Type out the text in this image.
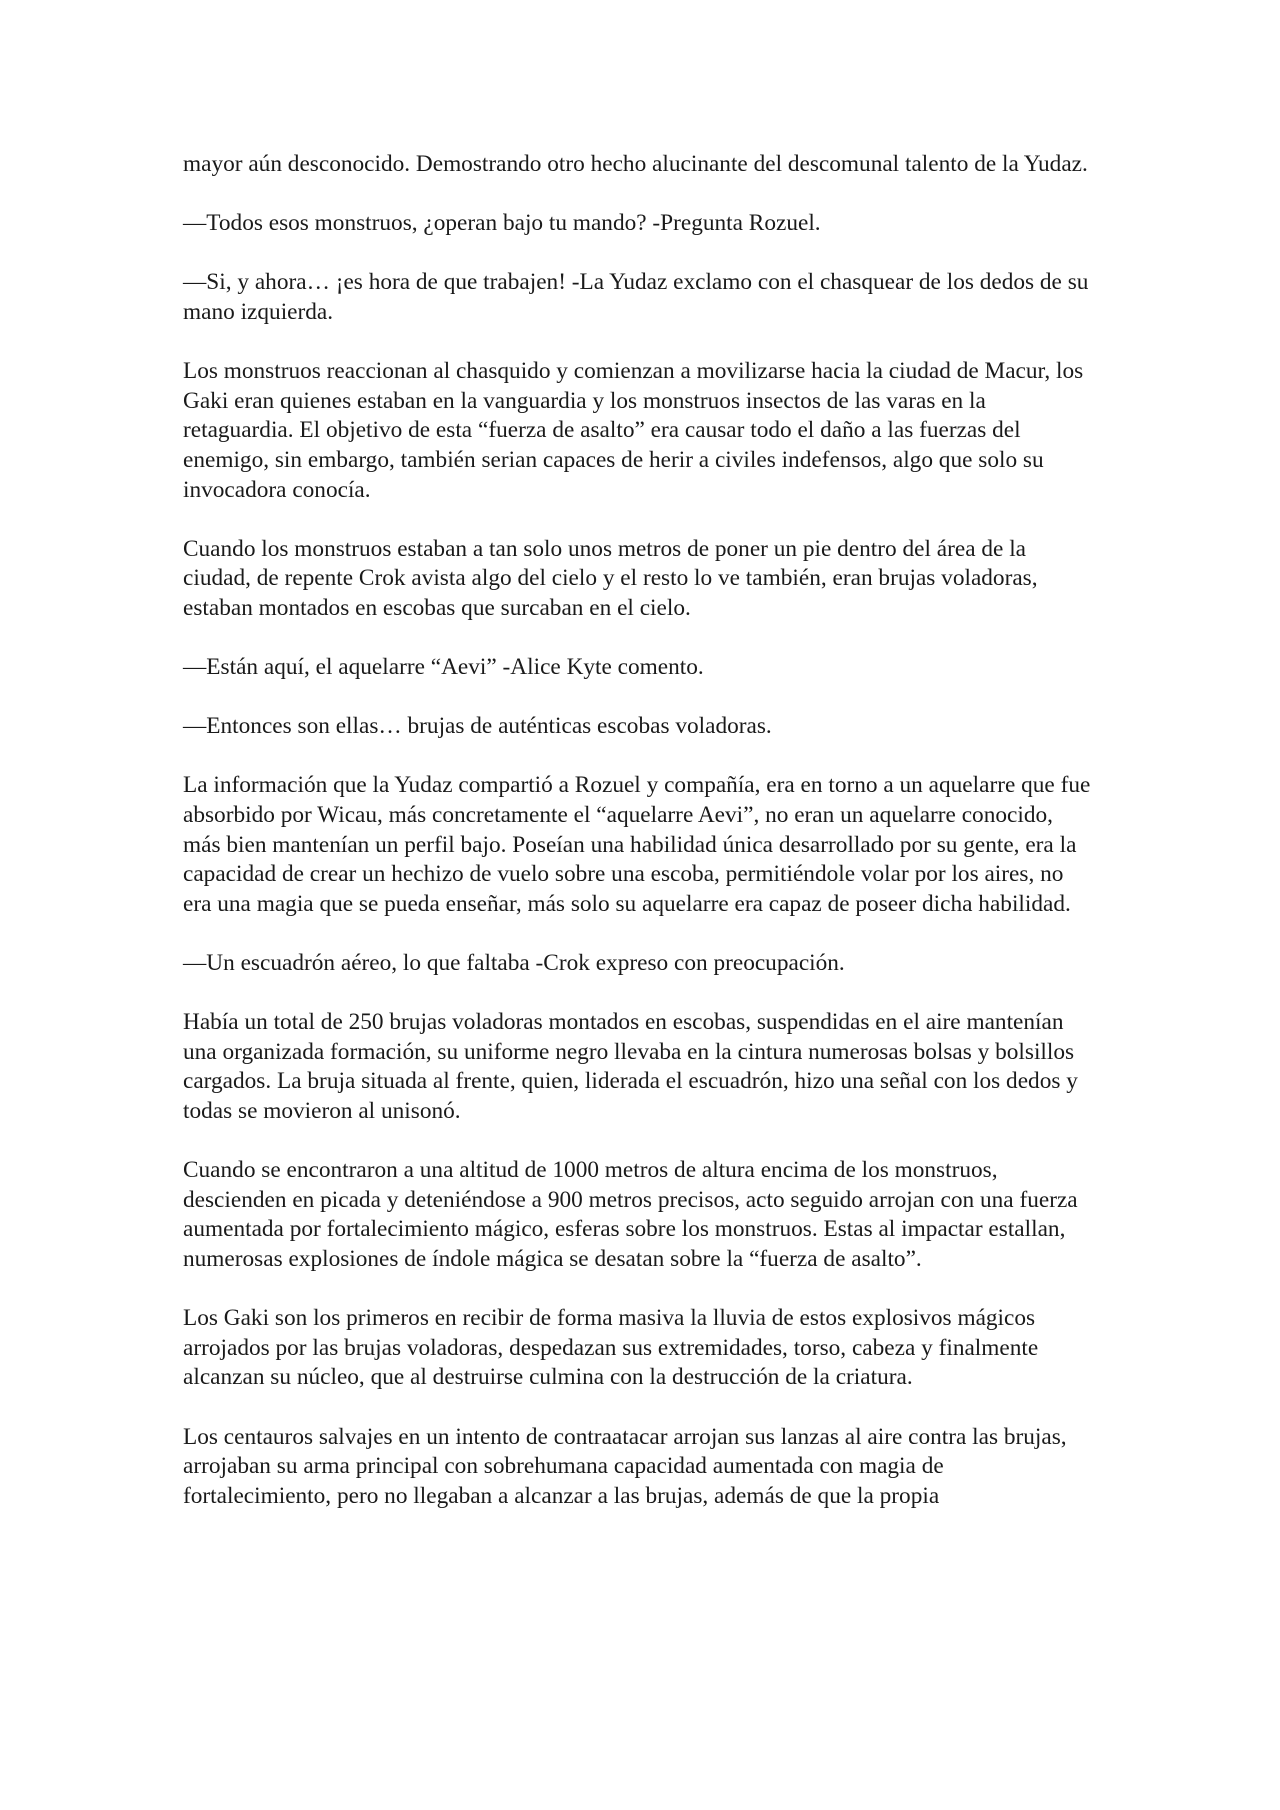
mayor aún desconocido. Demostrando otro hecho alucinante del descomunal talento de la Yudaz.

—Todos esos monstruos, ¿operan bajo tu mando? -Pregunta Rozuel.

—Si, y ahora… ¡es hora de que trabajen! -La Yudaz exclamo con el chasquear de los dedos de su mano izquierda.

Los monstruos reaccionan al chasquido y comienzan a movilizarse hacia la ciudad de Macur, los Gaki eran quienes estaban en la vanguardia y los monstruos insectos de las varas en la retaguardia. El objetivo de esta “fuerza de asalto” era causar todo el daño a las fuerzas del enemigo, sin embargo, también serian capaces de herir a civiles indefensos, algo que solo su invocadora conocía.

Cuando los monstruos estaban a tan solo unos metros de poner un pie dentro del área de la ciudad, de repente Crok avista algo del cielo y el resto lo ve también, eran brujas voladoras, estaban montados en escobas que surcaban en el cielo.

—Están aquí, el aquelarre “Aevi” -Alice Kyte comento.

—Entonces son ellas… brujas de auténticas escobas voladoras.

La información que la Yudaz compartió a Rozuel y compañía, era en torno a un aquelarre que fue absorbido por Wicau, más concretamente el “aquelarre Aevi”, no eran un aquelarre conocido, más bien mantenían un perfil bajo. Poseían una habilidad única desarrollado por su gente, era la capacidad de crear un hechizo de vuelo sobre una escoba, permitiéndole volar por los aires, no era una magia que se pueda enseñar, más solo su aquelarre era capaz de poseer dicha habilidad.

—Un escuadrón aéreo, lo que faltaba -Crok expreso con preocupación.

Había un total de 250 brujas voladoras montados en escobas, suspendidas en el aire mantenían una organizada formación, su uniforme negro llevaba en la cintura numerosas bolsas y bolsillos cargados. La bruja situada al frente, quien, liderada el escuadrón, hizo una señal con los dedos y todas se movieron al unisonó.

Cuando se encontraron a una altitud de 1000 metros de altura encima de los monstruos, descienden en picada y deteniéndose a 900 metros precisos, acto seguido arrojan con una fuerza aumentada por fortalecimiento mágico, esferas sobre los monstruos. Estas al impactar estallan, numerosas explosiones de índole mágica se desatan sobre la “fuerza de asalto”.

Los Gaki son los primeros en recibir de forma masiva la lluvia de estos explosivos mágicos arrojados por las brujas voladoras, despedazan sus extremidades, torso, cabeza y finalmente alcanzan su núcleo, que al destruirse culmina con la destrucción de la criatura.

Los centauros salvajes en un intento de contraatacar arrojan sus lanzas al aire contra las brujas, arrojaban su arma principal con sobrehumana capacidad aumentada con magia de fortalecimiento, pero no llegaban a alcanzar a las brujas, además de que la propia
